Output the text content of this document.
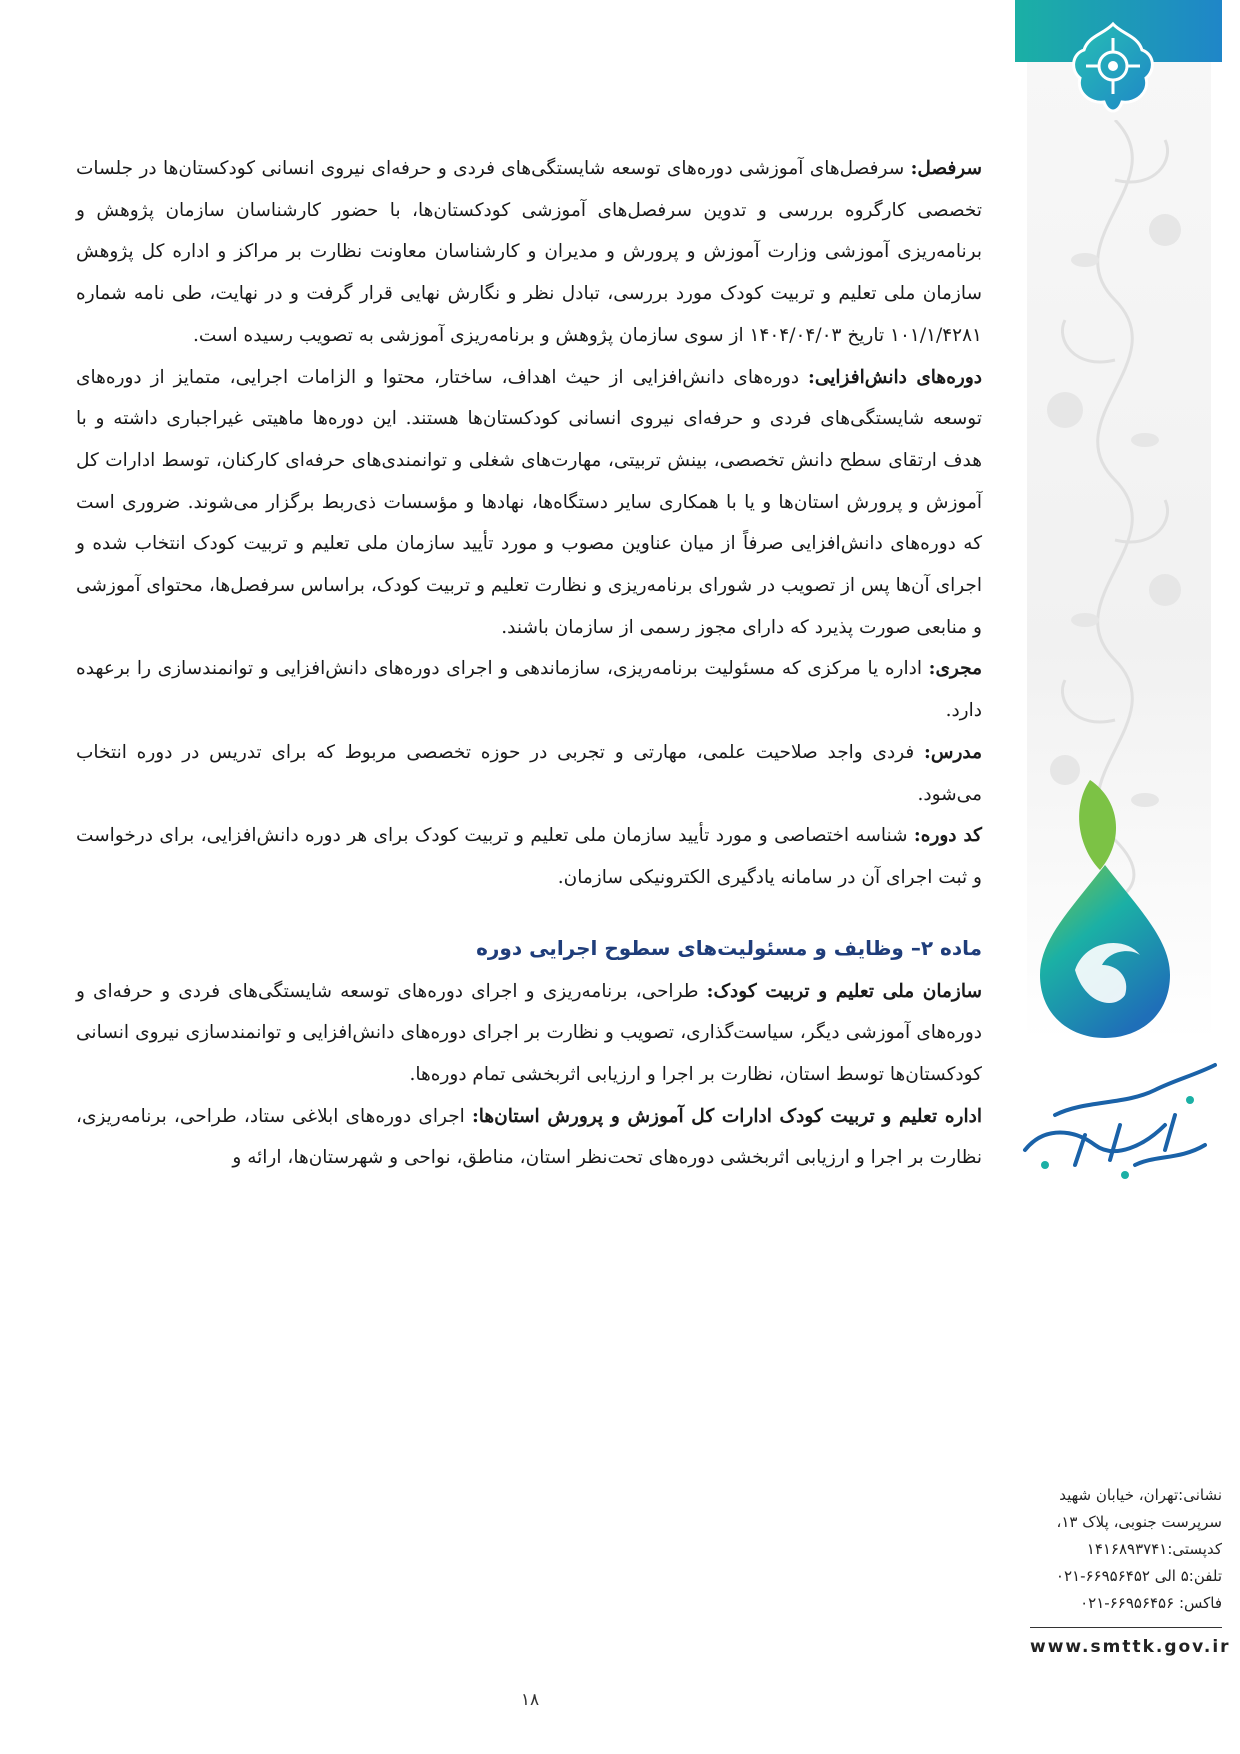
نشانی:تهران، خیابان شهید
سرپرست جنوبی، پلاک ۱۳،
کدپستی:۱۴۱۶۸۹۳۷۴۱
تلفن:۵ الی ۶۶۹۵۶۴۵۲-۰۲۱
فاکس: ۶۶۹۵۶۴۵۶-۰۲۱
www.smttk.gov.ir

سرفصل: سرفصل‌های آموزشی دوره‌های توسعه شایستگی‌های فردی و حرفه‌ای نیروی انسانی کودکستان‌ها در جلسات تخصصی کارگروه بررسی و تدوین سرفصل‌های آموزشی کودکستان‌ها، با حضور کارشناسان سازمان پژوهش و برنامه‌ریزی آموزشی وزارت آموزش و پرورش و مدیران و کارشناسان معاونت نظارت بر مراکز و اداره کل پژوهش سازمان ملی تعلیم و تربیت کودک مورد بررسی، تبادل نظر و نگارش نهایی قرار گرفت و در نهایت، طی نامه شماره ۱۰۱/۱/۴۲۸۱ تاریخ ۱۴۰۴/۰۴/۰۳ از سوی سازمان پژوهش و برنامه‌ریزی آموزشی به تصویب رسیده است.

دوره‌های دانش‌افزایی: دوره‌های دانش‌افزایی از حیث اهداف، ساختار، محتوا و الزامات اجرایی، متمایز از دوره‌های توسعه شایستگی‌های فردی و حرفه‌ای نیروی انسانی کودکستان‌ها هستند. این دوره‌ها ماهیتی غیراجباری داشته و با هدف ارتقای سطح دانش تخصصی، بینش تربیتی، مهارت‌های شغلی و توانمندی‌های حرفه‌ای کارکنان، توسط ادارات کل آموزش و پرورش استان‌ها و یا با همکاری سایر دستگاه‌ها، نهادها و مؤسسات ذی‌ربط برگزار می‌شوند. ضروری است که دوره‌های دانش‌افزایی صرفاً از میان عناوین مصوب و مورد تأیید سازمان ملی تعلیم و تربیت کودک انتخاب شده و اجرای آن‌ها پس از تصویب در شورای برنامه‌ریزی و نظارت تعلیم و تربیت کودک، براساس سرفصل‌ها، محتوای آموزشی و منابعی صورت پذیرد که دارای مجوز رسمی از سازمان باشند.

مجری: اداره یا مرکزی که مسئولیت برنامه‌ریزی، سازماندهی و اجرای دوره‌های دانش‌افزایی و توانمندسازی را برعهده دارد.

مدرس: فردی واجد صلاحیت علمی، مهارتی و تجربی در حوزه تخصصی مربوط که برای تدریس در دوره انتخاب می‌شود.

کد دوره: شناسه اختصاصی و مورد تأیید سازمان ملی تعلیم و تربیت کودک برای هر دوره دانش‌افزایی، برای درخواست و ثبت اجرای آن در سامانه یادگیری الکترونیکی سازمان.

ماده ۲– وظایف و مسئولیت‌های سطوح اجرایی دوره

سازمان ملی تعلیم و تربیت کودک: طراحی، برنامه‌ریزی و اجرای دوره‌های توسعه شایستگی‌های فردی و حرفه‌ای و دوره‌های آموزشی دیگر، سیاست‌گذاری، تصویب و نظارت بر اجرای دوره‌های دانش‌افزایی و توانمندسازی نیروی انسانی کودکستان‌ها توسط استان، نظارت بر اجرا و ارزیابی اثربخشی تمام دوره‌ها.

اداره تعلیم و تربیت کودک ادارات کل آموزش و پرورش استان‌ها: اجرای دوره‌های ابلاغی ستاد، طراحی، برنامه‌ریزی، نظارت بر اجرا و ارزیابی اثربخشی دوره‌های تحت‌نظر استان، مناطق، نواحی و شهرستان‌ها، ارائه و

۱۸
